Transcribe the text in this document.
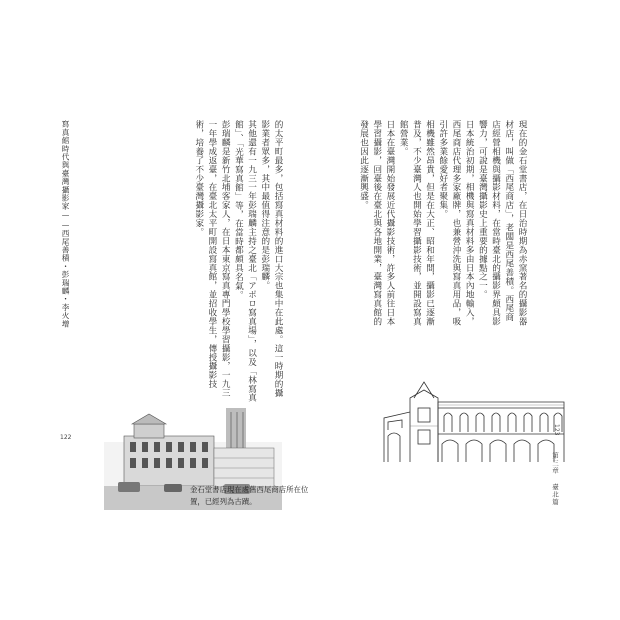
現在的金石堂書店，在日治時期為赤窯著名的攝影器材店，叫做「西尾商店」，老闆是西尾善積。西尾商店經營相機與攝影材料，在當時臺北的攝影界頗具影響力，可說是臺灣攝影史上重要的據點之一。

日本統治初期，相機與寫真材料多由日本內地輸入，西尾商店代理多家廠牌，也兼營沖洗與寫真用品，吸引許多業餘愛好者聚集。

相機雖然昂貴，但是在大正、昭和年間，攝影已逐漸普及，不少臺灣人也開始學習攝影技術，並開設寫真館營業。

日本在臺灣開始發展近代攝影技術，許多人前往日本學習攝影，回臺後在臺北與各地開業，臺灣寫真館的發展也因此逐漸興盛。

的太平町最多，包括寫真材料的進口大宗也集中在此處。這一時期的攝影業者眾多，其中最值得注意的是彭瑞麟。

其他還有一九三一年彭瑞麟主持之臺北「アポロ寫真場」，以及「林寫真館」、「光華寫真館」等，在當時都頗具名氣。

彭瑞麟是新竹北埔客家人，在日本東京寫真專門學校學習攝影，一九三一年學成返臺，在臺北太平町開設寫真館，並招收學生，傳授攝影技術，培養了不少臺灣攝影家。

寫真館時代與臺灣攝影家——西尾善積・彭瑞麟・李火增
122
123
第三章 臺北篇
金石堂書店現在處舊西尾商店所在位置，已經列為古蹟。
